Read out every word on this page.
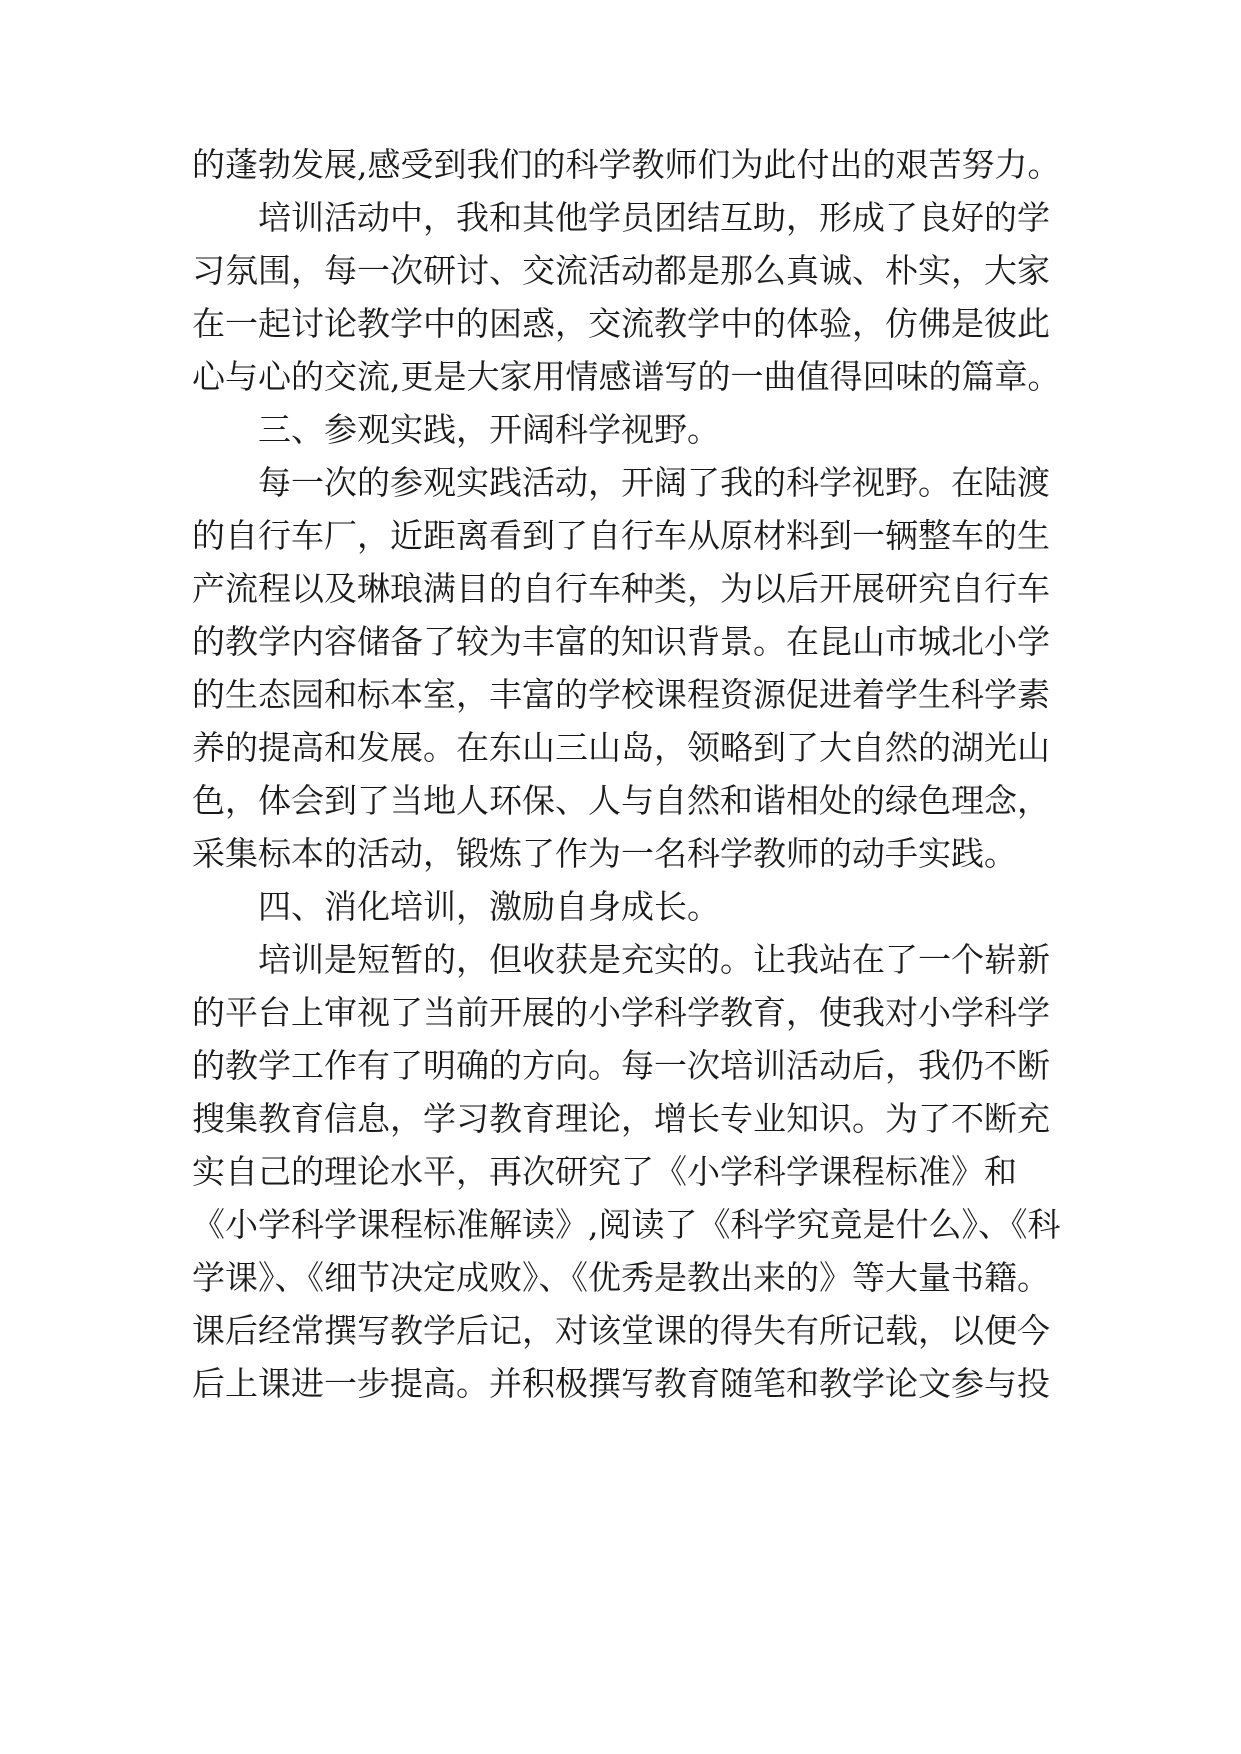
的蓬勃发展,感受到我们的科学教师们为此付出的艰苦努力。
培训活动中，我和其他学员团结互助，形成了良好的学
习氛围，每一次研讨、交流活动都是那么真诚、朴实，大家
在一起讨论教学中的困惑，交流教学中的体验，仿佛是彼此
心与心的交流,更是大家用情感谱写的一曲值得回味的篇章。
三、参观实践，开阔科学视野。
每一次的参观实践活动，开阔了我的科学视野。在陆渡
的自行车厂，近距离看到了自行车从原材料到一辆整车的生
产流程以及琳琅满目的自行车种类，为以后开展研究自行车
的教学内容储备了较为丰富的知识背景。在昆山市城北小学
的生态园和标本室，丰富的学校课程资源促进着学生科学素
养的提高和发展。在东山三山岛，领略到了大自然的湖光山
色，体会到了当地人环保、人与自然和谐相处的绿色理念，
采集标本的活动，锻炼了作为一名科学教师的动手实践。
四、消化培训，激励自身成长。
培训是短暂的，但收获是充实的。让我站在了一个崭新
的平台上审视了当前开展的小学科学教育，使我对小学科学
的教学工作有了明确的方向。每一次培训活动后，我仍不断
搜集教育信息，学习教育理论，增长专业知识。为了不断充
实自己的理论水平，再次研究了《小学科学课程标准》和
《小学科学课程标准解读》,阅读了《科学究竟是什么》、《科
学课》、《细节决定成败》、《优秀是教出来的》等大量书籍。
课后经常撰写教学后记，对该堂课的得失有所记载，以便今
后上课进一步提高。并积极撰写教育随笔和教学论文参与投
